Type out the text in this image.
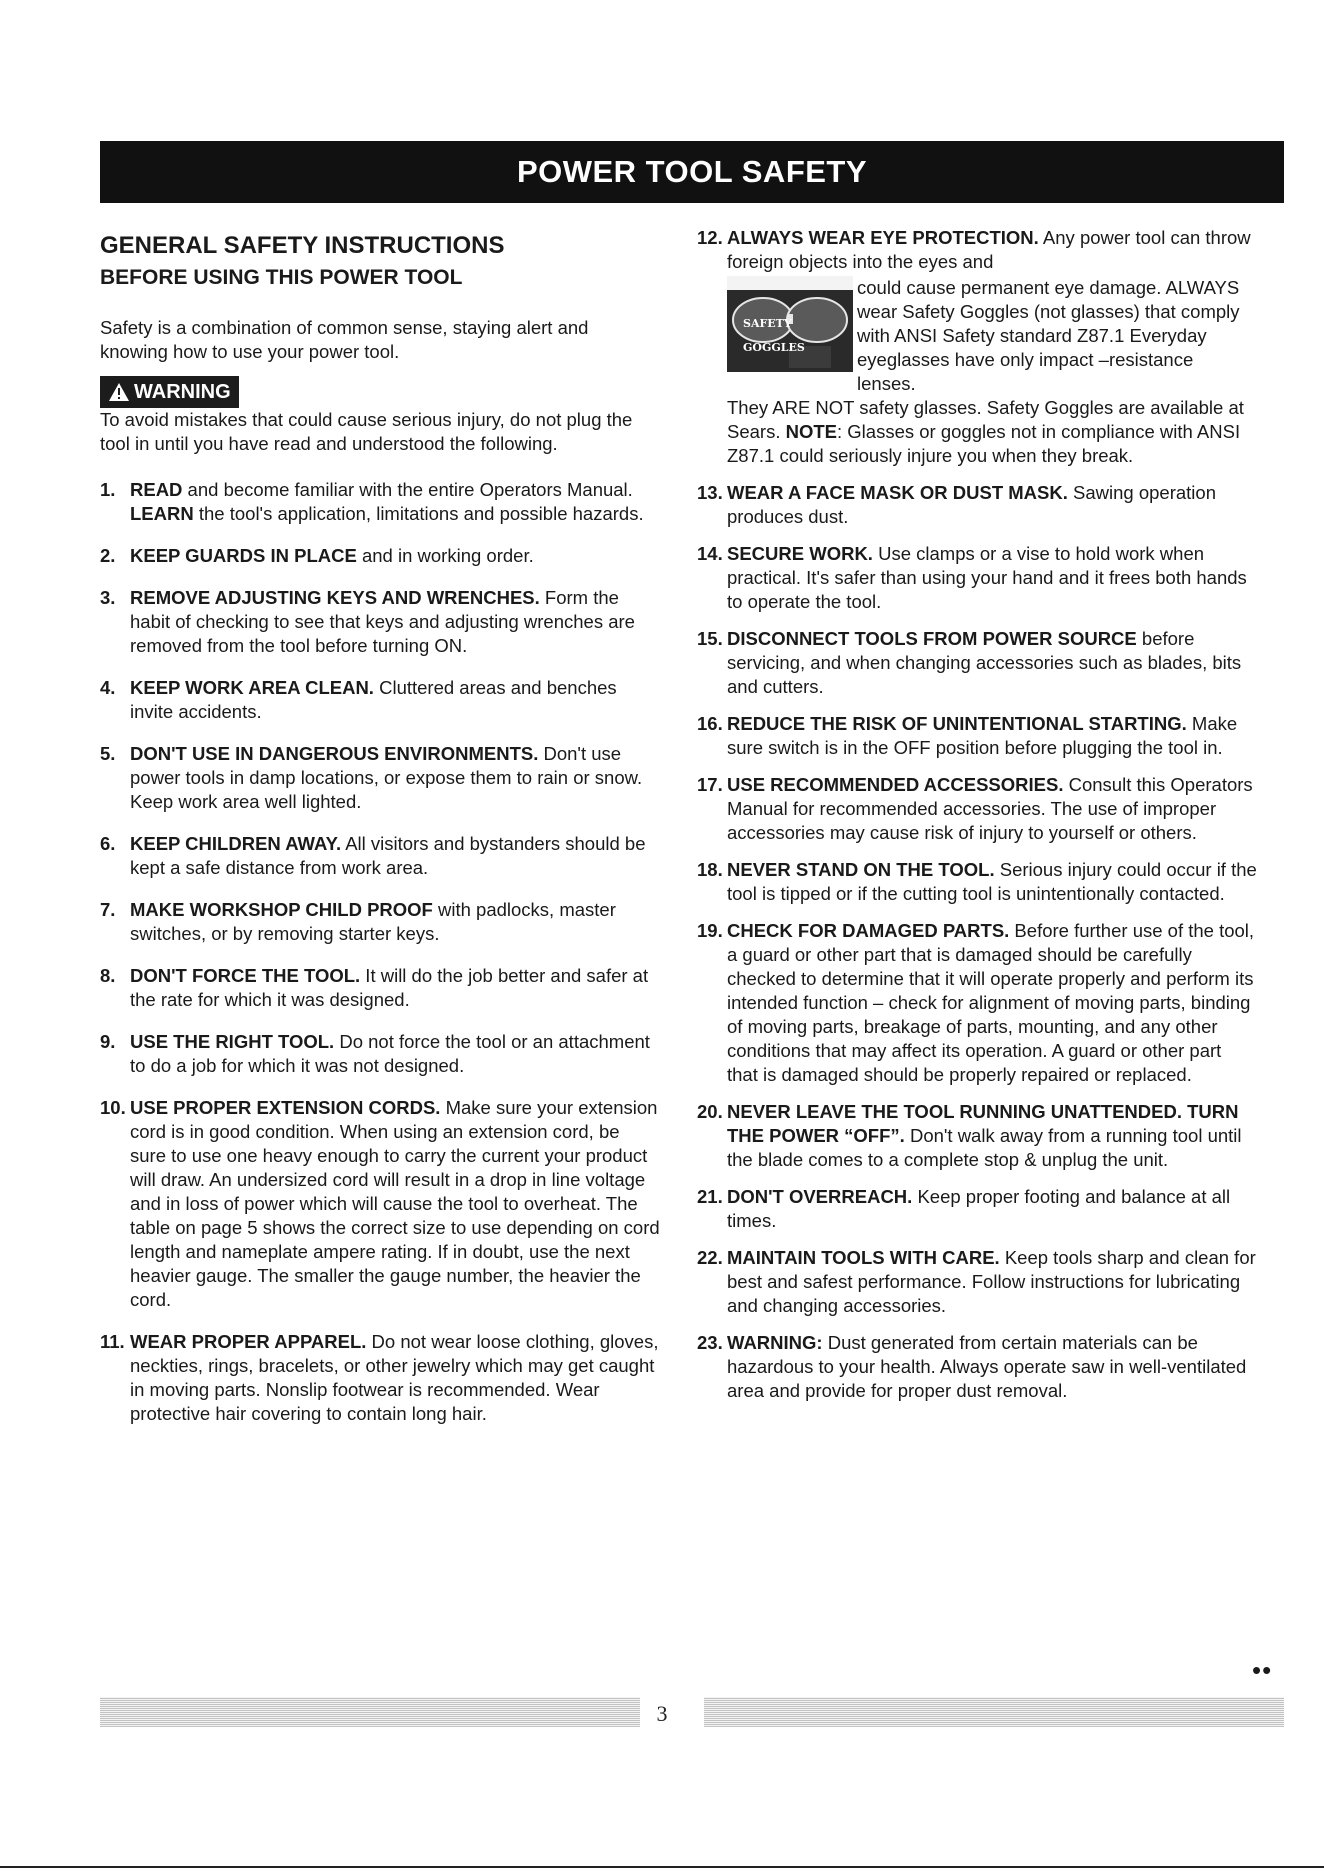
POWER TOOL SAFETY
GENERAL SAFETY INSTRUCTIONS
BEFORE USING THIS POWER TOOL

Safety is a combination of common sense, staying alert and knowing how to use your power tool.

WARNING

To avoid mistakes that could cause serious injury, do not plug the tool in until you have read and understood the following.

1. READ and become familiar with the entire Operators Manual. LEARN the tool's application, limitations and possible hazards.
2. KEEP GUARDS IN PLACE and in working order.
3. REMOVE ADJUSTING KEYS AND WRENCHES. Form the habit of checking to see that keys and adjusting wrenches are removed from the tool before turning ON.
4. KEEP WORK AREA CLEAN. Cluttered areas and benches invite accidents.
5. DON'T USE IN DANGEROUS ENVIRONMENTS. Don't use power tools in damp locations, or expose them to rain or snow. Keep work area well lighted.
6. KEEP CHILDREN AWAY. All visitors and bystanders should be kept a safe distance from work area.
7. MAKE WORKSHOP CHILD PROOF with padlocks, master switches, or by removing starter keys.
8. DON'T FORCE THE TOOL. It will do the job better and safer at the rate for which it was designed.
9. USE THE RIGHT TOOL. Do not force the tool or an attachment to do a job for which it was not designed.
10. USE PROPER EXTENSION CORDS. Make sure your extension cord is in good condition. When using an extension cord, be sure to use one heavy enough to carry the current your product will draw. An undersized cord will result in a drop in line voltage and in loss of power which will cause the tool to overheat. The table on page 5 shows the correct size to use depending on cord length and nameplate ampere rating. If in doubt, use the next heavier gauge. The smaller the gauge number, the heavier the cord.
11. WEAR PROPER APPAREL. Do not wear loose clothing, gloves, neckties, rings, bracelets, or other jewelry which may get caught in moving parts. Nonslip footwear is recommended. Wear protective hair covering to contain long hair.
12. ALWAYS WEAR EYE PROTECTION. Any power tool can throw foreign objects into the eyes and
SAFETY GOGGLES
could cause permanent eye damage. ALWAYS wear Safety Goggles (not glasses) that comply with ANSI Safety standard Z87.1 Everyday eyeglasses have only impact –resistance lenses.
They ARE NOT safety glasses. Safety Goggles are available at Sears. NOTE: Glasses or goggles not in compliance with ANSI Z87.1 could seriously injure you when they break.
13. WEAR A FACE MASK OR DUST MASK. Sawing operation produces dust.
14. SECURE WORK. Use clamps or a vise to hold work when practical. It's safer than using your hand and it frees both hands to operate the tool.
15. DISCONNECT TOOLS FROM POWER SOURCE before servicing, and when changing accessories such as blades, bits and cutters.
16. REDUCE THE RISK OF UNINTENTIONAL STARTING. Make sure switch is in the OFF position before plugging the tool in.
17. USE RECOMMENDED ACCESSORIES. Consult this Operators Manual for recommended accessories. The use of improper accessories may cause risk of injury to yourself or others.
18. NEVER STAND ON THE TOOL. Serious injury could occur if the tool is tipped or if the cutting tool is unintentionally contacted.
19. CHECK FOR DAMAGED PARTS. Before further use of the tool, a guard or other part that is damaged should be carefully checked to determine that it will operate properly and perform its intended function – check for alignment of moving parts, binding of moving parts, breakage of parts, mounting, and any other conditions that may affect its operation. A guard or other part that is damaged should be properly repaired or replaced.
20. NEVER LEAVE THE TOOL RUNNING UNATTENDED. TURN THE POWER “OFF”. Don't walk away from a running tool until the blade comes to a complete stop & unplug the unit.
21. DON'T OVERREACH. Keep proper footing and balance at all times.
22. MAINTAIN TOOLS WITH CARE. Keep tools sharp and clean for best and safest performance. Follow instructions for lubricating and changing accessories.
23. WARNING: Dust generated from certain materials can be hazardous to your health. Always operate saw in well-ventilated area and provide for proper dust removal.
••
3
